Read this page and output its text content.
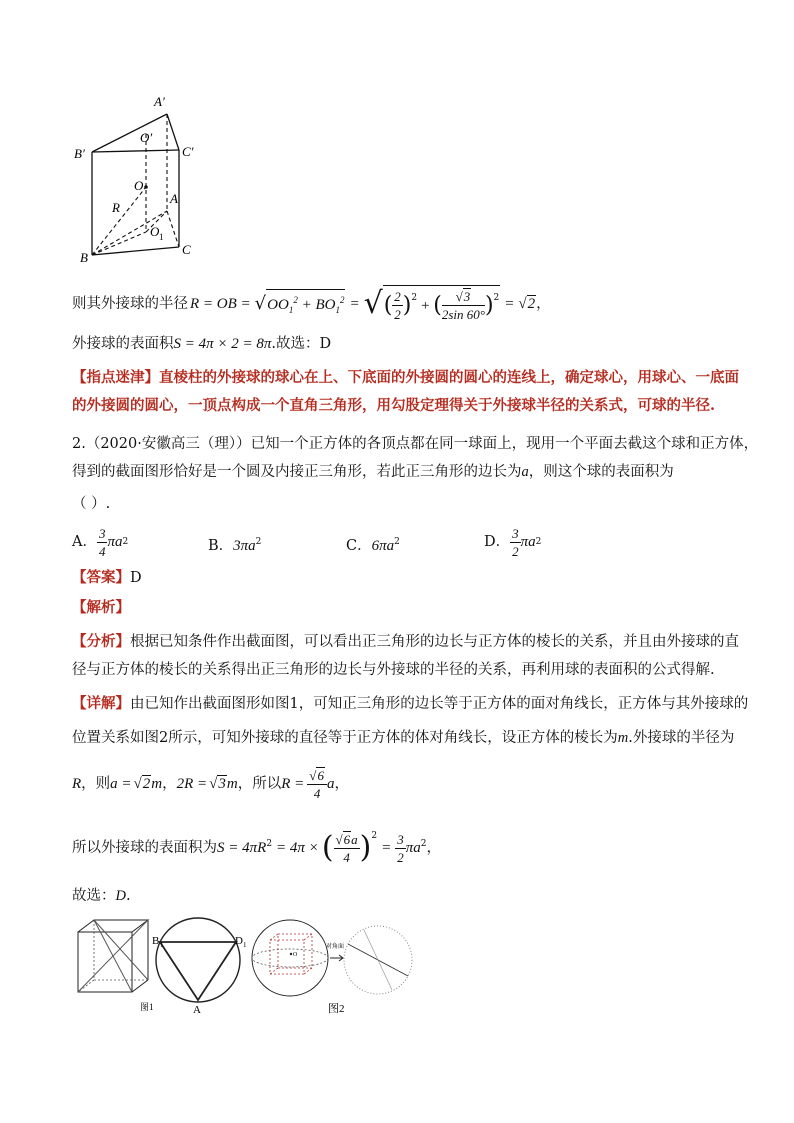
A′
O′
B′	C′
O
A
R
O 1
B
C
则其外接球的半径 R = OB = √ $OO_1^2 + BO_1^2$ = √ ( $\frac{2}{2} )^2$ + ( $\frac{√3}{2\sin 60^\circ} )^2 = √2$ ，
外接球的表面积S = 4π × 2 = 8π.故选：D
【指点迷津】直棱柱的外接球的球心在上、下底面的外接圆的圆心的连线上，确定球心，用球心、一底面
的外接圆的圆心，一顶点构成一个直角三角形，用勾股定理得关于外接球半径的关系式，可球的半径.
2.（2020·安徽高三（理））已知一个正方体的各顶点都在同一球面上，现用一个平面去截这个球和正方体，
得到的截面图形恰好是一个圆及内接正三角形，若此正三角形的边长为a，则这个球的表面积为
（ ）.
A． $\frac{3}{4}$ πa 2	B．$3\pi a^2$	C．$6\pi a^2$	D． $\frac{3}{2}$ πa 2
【答案】D
【解析】
【分析】根据已知条件作出截面图，可以看出正三角形的边长与正方体的棱长的关系，并且由外接球的直
径与正方体的棱长的关系得出正三角形的边长与外接球的半径的关系，再利用球的表面积的公式得解.
【详解】由已知作出截面图形如图1，可知正三角形的边长等于正方体的面对角线长，正方体与其外接球的
位置关系如图2所示，可知外接球的直径等于正方体的体对角线长，设正方体的棱长为m.外接球的半径为
R ，则 a = √2 m ， 2R = √3 m ，所以 $R = \frac{√6}{4}$ a ，
所以外接球的表面积为 $S = 4\pi R^2 = 4\pi$ × ( $\frac{√6a}{4} )^2$
= $\frac{3}{2} \pi a^2$ ，
故选：D.
B 1	D 1
A
O
对角面
图1	图2
